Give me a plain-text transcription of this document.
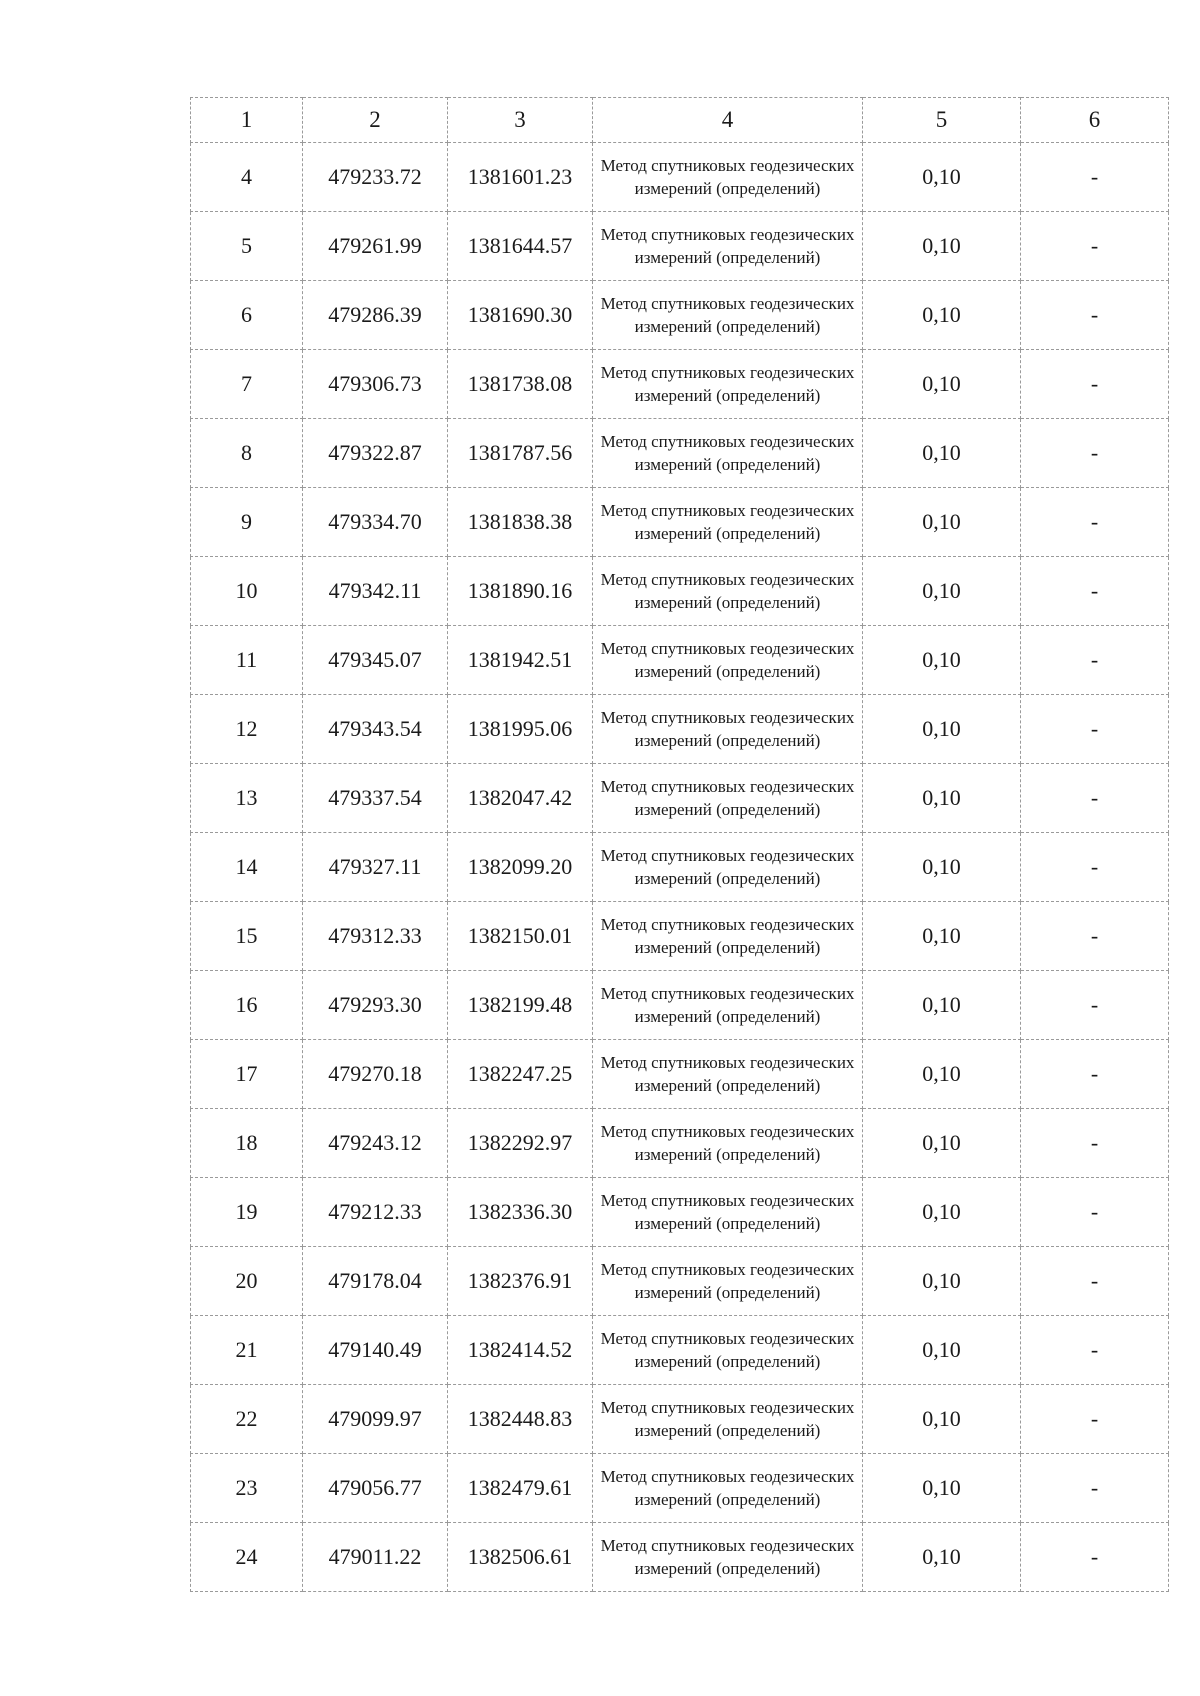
1	2	3	4	5	6
4	479233.72	1381601.23	Метод спутниковых геодезических измерений (определений)	0,10	-
5	479261.99	1381644.57	Метод спутниковых геодезических измерений (определений)	0,10	-
6	479286.39	1381690.30	Метод спутниковых геодезических измерений (определений)	0,10	-
7	479306.73	1381738.08	Метод спутниковых геодезических измерений (определений)	0,10	-
8	479322.87	1381787.56	Метод спутниковых геодезических измерений (определений)	0,10	-
9	479334.70	1381838.38	Метод спутниковых геодезических измерений (определений)	0,10	-
10	479342.11	1381890.16	Метод спутниковых геодезических измерений (определений)	0,10	-
11	479345.07	1381942.51	Метод спутниковых геодезических измерений (определений)	0,10	-
12	479343.54	1381995.06	Метод спутниковых геодезических измерений (определений)	0,10	-
13	479337.54	1382047.42	Метод спутниковых геодезических измерений (определений)	0,10	-
14	479327.11	1382099.20	Метод спутниковых геодезических измерений (определений)	0,10	-
15	479312.33	1382150.01	Метод спутниковых геодезических измерений (определений)	0,10	-
16	479293.30	1382199.48	Метод спутниковых геодезических измерений (определений)	0,10	-
17	479270.18	1382247.25	Метод спутниковых геодезических измерений (определений)	0,10	-
18	479243.12	1382292.97	Метод спутниковых геодезических измерений (определений)	0,10	-
19	479212.33	1382336.30	Метод спутниковых геодезических измерений (определений)	0,10	-
20	479178.04	1382376.91	Метод спутниковых геодезических измерений (определений)	0,10	-
21	479140.49	1382414.52	Метод спутниковых геодезических измерений (определений)	0,10	-
22	479099.97	1382448.83	Метод спутниковых геодезических измерений (определений)	0,10	-
23	479056.77	1382479.61	Метод спутниковых геодезических измерений (определений)	0,10	-
24	479011.22	1382506.61	Метод спутниковых геодезических измерений (определений)	0,10	-
